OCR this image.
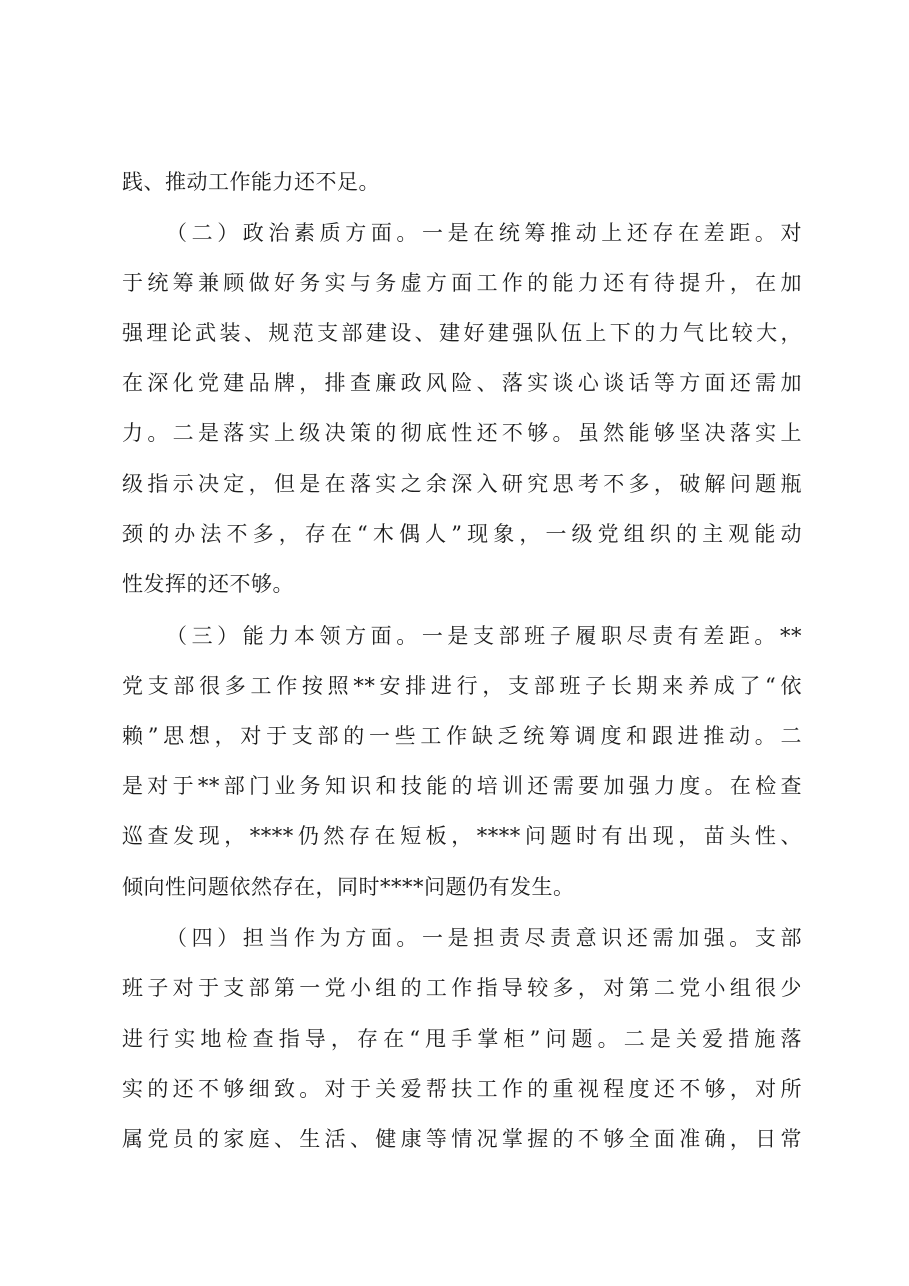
践、推动工作能力还不足。
（二）政治素质方面。一是在统筹推动上还存在差距。对
于统筹兼顾做好务实与务虚方面工作的能力还有待提升，在加
强理论武装、规范支部建设、建好建强队伍上下的力气比较大，
在深化党建品牌，排查廉政风险、落实谈心谈话等方面还需加
力。二是落实上级决策的彻底性还不够。虽然能够坚决落实上
级指示决定，但是在落实之余深入研究思考不多，破解问题瓶
颈的办法不多，存在“木偶人”现象，一级党组织的主观能动
性发挥的还不够。
（三）能力本领方面。一是支部班子履职尽责有差距。**
党支部很多工作按照**安排进行，支部班子长期来养成了“依
赖”思想，对于支部的一些工作缺乏统筹调度和跟进推动。二
是对于**部门业务知识和技能的培训还需要加强力度。在检查
巡查发现，****仍然存在短板，****问题时有出现，苗头性、
倾向性问题依然存在，同时****问题仍有发生。
（四）担当作为方面。一是担责尽责意识还需加强。支部
班子对于支部第一党小组的工作指导较多，对第二党小组很少
进行实地检查指导，存在“甩手掌柜”问题。二是关爱措施落
实的还不够细致。对于关爱帮扶工作的重视程度还不够，对所
属党员的家庭、生活、健康等情况掌握的不够全面准确，日常
